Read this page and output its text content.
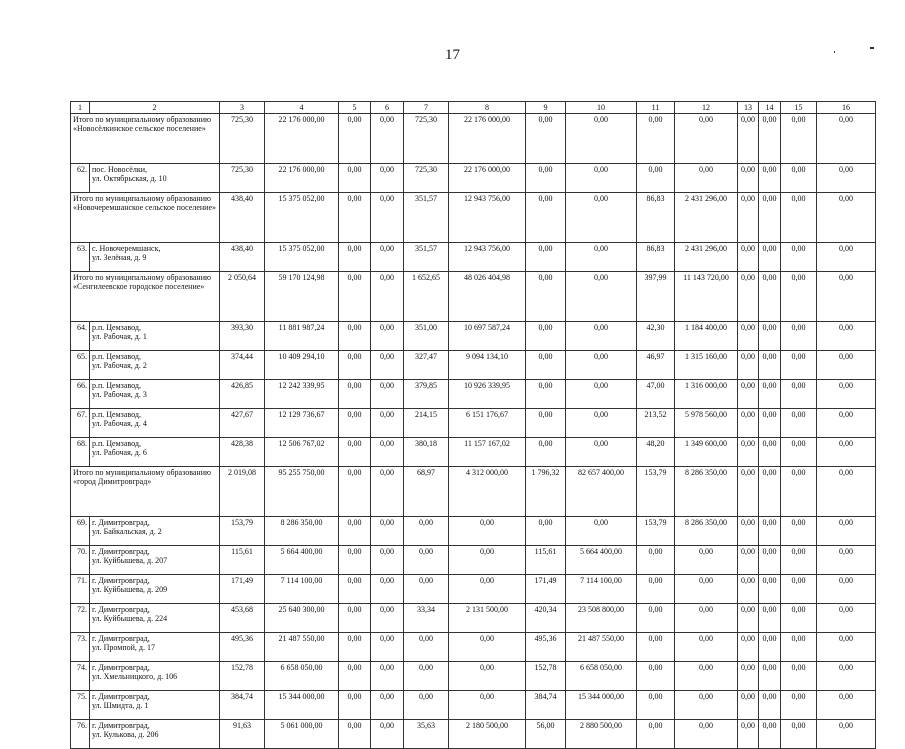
17
1	2	3	4	5	6	7	8	9	10	11	12	13	14	15	16
Итого по муниципальному образованию «Новосёлкинское сельское поселение»		725,30	22 176 000,00	0,00	0,00	725,30	22 176 000,00	0,00	0,00	0,00	0,00	0,00	0,00	0,00	0,00
62.	пос. Новосёлки,
ул. Октябрьская, д. 10	725,30	22 176 000,00	0,00	0,00	725,30	22 176 000,00	0,00	0,00	0,00	0,00	0,00	0,00	0,00	0,00
Итого по муниципальному образованию «Новочеремшанское сельское поселение»		438,40	15 375 052,00	0,00	0,00	351,57	12 943 756,00	0,00	0,00	86,83	2 431 296,00	0,00	0,00	0,00	0,00
63.	с. Новочеремшанск,
ул. Зелёная, д. 9	438,40	15 375 052,00	0,00	0,00	351,57	12 943 756,00	0,00	0,00	86,83	2 431 296,00	0,00	0,00	0,00	0,00
Итого по муниципальному образованию «Сенгилеевское городское поселение»		2 050,64	59 170 124,98	0,00	0,00	1 652,65	48 026 404,98	0,00	0,00	397,99	11 143 720,00	0,00	0,00	0,00	0,00
64.	р.п. Цемзавод,
ул. Рабочая, д. 1	393,30	11 881 987,24	0,00	0,00	351,00	10 697 587,24	0,00	0,00	42,30	1 184 400,00	0,00	0,00	0,00	0,00
65.	р.п. Цемзавод,
ул. Рабочая, д. 2	374,44	10 409 294,10	0,00	0,00	327,47	9 094 134,10	0,00	0,00	46,97	1 315 160,00	0,00	0,00	0,00	0,00
66.	р.п. Цемзавод,
ул. Рабочая, д. 3	426,85	12 242 339,95	0,00	0,00	379,85	10 926 339,95	0,00	0,00	47,00	1 316 000,00	0,00	0,00	0,00	0,00
67.	р.п. Цемзавод,
ул. Рабочая, д. 4	427,67	12 129 736,67	0,00	0,00	214,15	6 151 176,67	0,00	0,00	213,52	5 978 560,00	0,00	0,00	0,00	0,00
68.	р.п. Цемзавод,
ул. Рабочая, д. 6	428,38	12 506 767,02	0,00	0,00	380,18	11 157 167,02	0,00	0,00	48,20	1 349 600,00	0,00	0,00	0,00	0,00
Итого по муниципальному образованию «город Димитровград»		2 019,08	95 255 750,00	0,00	0,00	68,97	4 312 000,00	1 796,32	82 657 400,00	153,79	8 286 350,00	0,00	0,00	0,00	0,00
69.	г. Димитровград,
ул. Байкальская, д. 2	153,79	8 286 350,00	0,00	0,00	0,00	0,00	0,00	0,00	153,79	8 286 350,00	0,00	0,00	0,00	0,00
70.	г. Димитровград,
ул. Куйбышева, д. 207	115,61	5 664 400,00	0,00	0,00	0,00	0,00	115,61	5 664 400,00	0,00	0,00	0,00	0,00	0,00	0,00
71.	г. Димитровград,
ул. Куйбышева, д. 209	171,49	7 114 100,00	0,00	0,00	0,00	0,00	171,49	7 114 100,00	0,00	0,00	0,00	0,00	0,00	0,00
72.	г. Димитровград,
ул. Куйбышева, д. 224	453,68	25 640 300,00	0,00	0,00	33,34	2 131 500,00	420,34	23 508 800,00	0,00	0,00	0,00	0,00	0,00	0,00
73.	г. Димитровград,
ул. Промпой, д. 17	495,36	21 487 550,00	0,00	0,00	0,00	0,00	495,36	21 487 550,00	0,00	0,00	0,00	0,00	0,00	0,00
74.	г. Димитровград,
ул. Хмельницкого, д. 106	152,78	6 658 050,00	0,00	0,00	0,00	0,00	152,78	6 658 050,00	0,00	0,00	0,00	0,00	0,00	0,00
75.	г. Димитровград,
ул. Шмидта, д. 1	384,74	15 344 000,00	0,00	0,00	0,00	0,00	384,74	15 344 000,00	0,00	0,00	0,00	0,00	0,00	0,00
76.	г. Димитровград,
ул. Кулькова, д. 206	91,63	5 061 000,00	0,00	0,00	35,63	2 180 500,00	56,00	2 880 500,00	0,00	0,00	0,00	0,00	0,00	0,00
